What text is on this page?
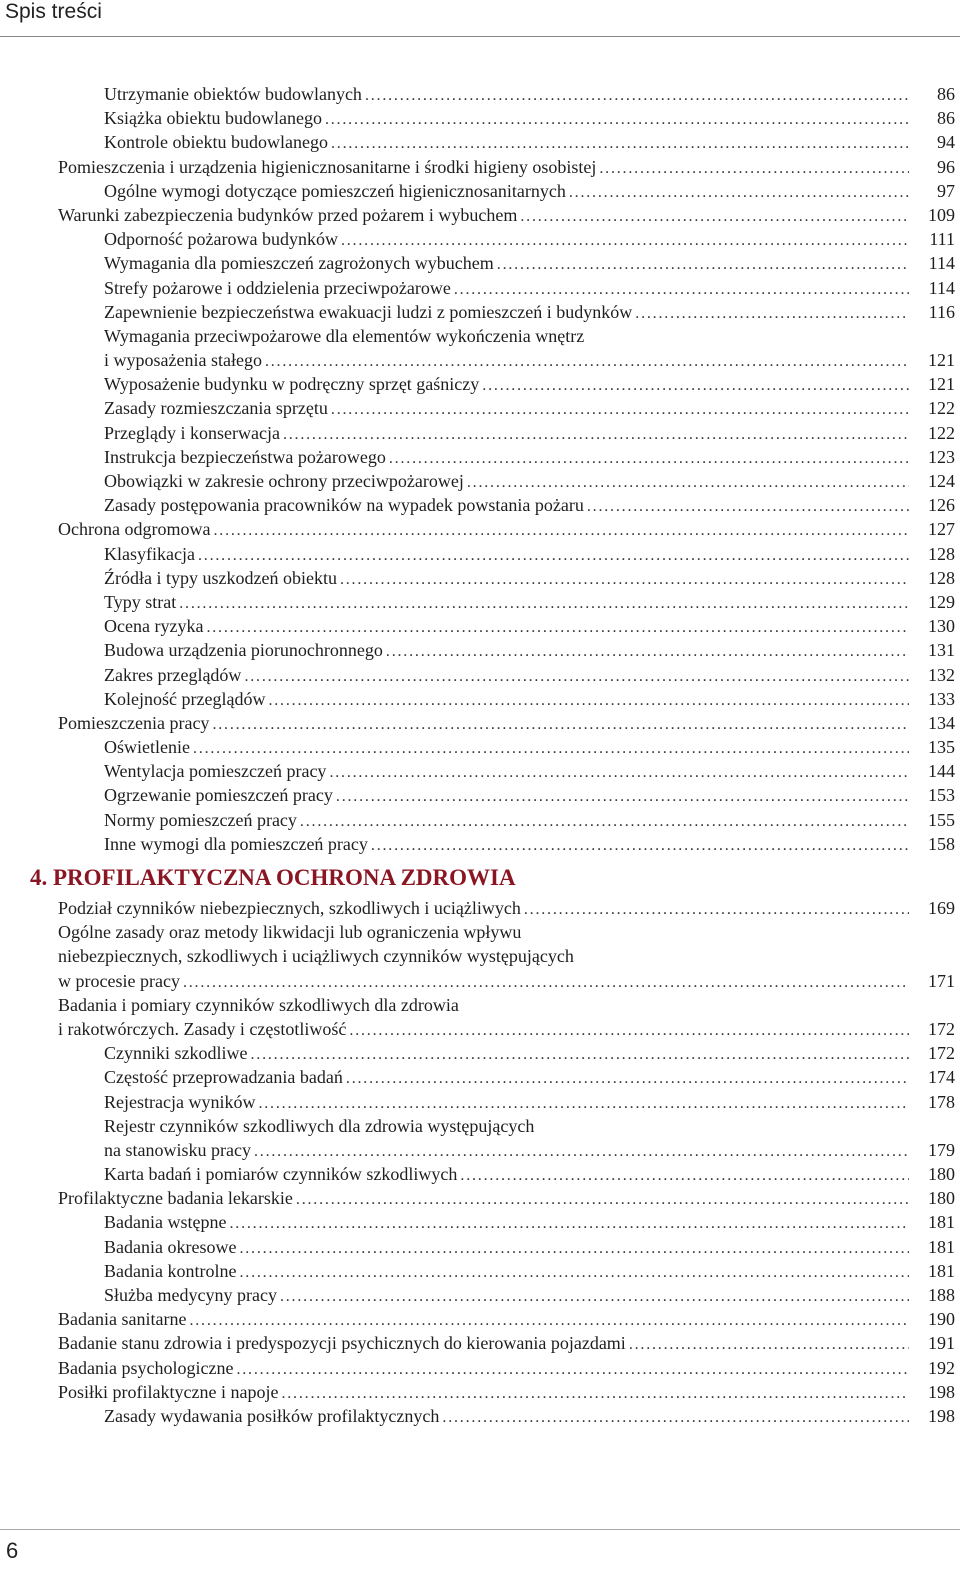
Spis treści
Utrzymanie obiektów budowlanych .....	86
Książka obiektu budowlanego .....	86
Kontrole obiektu budowlanego .....	94
Pomieszczenia i urządzenia higienicznosanitarne i środki higieny osobistej .....	96
Ogólne wymogi dotyczące pomieszczeń higienicznosanitarnych .....	97
Warunki zabezpieczenia budynków przed pożarem i wybuchem .....	109
Odporność pożarowa budynków .....	111
Wymagania dla pomieszczeń zagrożonych wybuchem .....	114
Strefy pożarowe i oddzielenia przeciwpożarowe .....	114
Zapewnienie bezpieczeństwa ewakuacji ludzi z pomieszczeń i budynków .....	116
Wymagania przeciwpożarowe dla elementów wykończenia wnętrz
i wyposażenia stałego .....	121
Wyposażenie budynku w podręczny sprzęt gaśniczy .....	121
Zasady rozmieszczania sprzętu .....	122
Przeglądy i konserwacja .....	122
Instrukcja bezpieczeństwa pożarowego .....	123
Obowiązki w zakresie ochrony przeciwpożarowej .....	124
Zasady postępowania pracowników na wypadek powstania pożaru .....	126
Ochrona odgromowa .....	127
Klasyfikacja .....	128
Źródła i typy uszkodzeń obiektu .....	128
Typy strat .....	129
Ocena ryzyka .....	130
Budowa urządzenia piorunochronnego .....	131
Zakres przeglądów .....	132
Kolejność przeglądów .....	133
Pomieszczenia pracy .....	134
Oświetlenie .....	135
Wentylacja pomieszczeń pracy .....	144
Ogrzewanie pomieszczeń pracy .....	153
Normy pomieszczeń pracy .....	155
Inne wymogi dla pomieszczeń pracy .....	158
4. PROFILAKTYCZNA OCHRONA ZDROWIA
Podział czynników niebezpiecznych, szkodliwych i uciążliwych .....	169
Ogólne zasady oraz metody likwidacji lub ograniczenia wpływu
niebezpiecznych, szkodliwych i uciążliwych czynników występujących
w procesie pracy .....	171
Badania i pomiary czynników szkodliwych dla zdrowia
i rakotwórczych. Zasady i częstotliwość .....	172
Czynniki szkodliwe .....	172
Częstość przeprowadzania badań .....	174
Rejestracja wyników .....	178
Rejestr czynników szkodliwych dla zdrowia występujących
na stanowisku pracy .....	179
Karta badań i pomiarów czynników szkodliwych .....	180
Profilaktyczne badania lekarskie .....	180
Badania wstępne .....	181
Badania okresowe .....	181
Badania kontrolne .....	181
Służba medycyny pracy .....	188
Badania sanitarne .....	190
Badanie stanu zdrowia i predyspozycji psychicznych do kierowania pojazdami .....	191
Badania psychologiczne .....	192
Posiłki profilaktyczne i napoje .....	198
Zasady wydawania posiłków profilaktycznych .....	198
6
